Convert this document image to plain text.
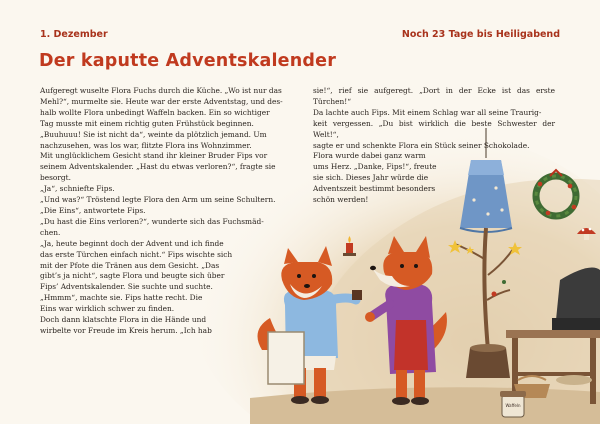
1. Dezember	Noch 23 Tage bis Heiligabend
Der kaputte Adventskalender

Aufgeregt wuselte Flora Fuchs durch die Küche. „Wo ist nur das

Mehl?“, murmelte sie. Heute war der erste Adventstag, und des-

halb wollte Flora unbedingt Waffeln backen. Ein so wichtiger

Tag musste mit einem richtig guten Frühstück beginnen.

„Buuhuuu! Sie ist nicht da“, weinte da plötzlich jemand. Um

nachzusehen, was los war, flitzte Flora ins Wohnzimmer.

Mit unglücklichem Gesicht stand ihr kleiner Bruder Fips vor

seinem Adventskalender. „Hast du etwas verloren?“, fragte sie

besorgt.

„Ja“, schniefte Fips.

„Und was?“ Tröstend legte Flora den Arm um seine Schultern.

„Die Eins“, antwortete Fips.

„Du hast die Eins verloren?“, wunderte sich das Fuchsmäd-

chen.

„Ja, heute beginnt doch der Advent und ich finde

das erste Türchen einfach nicht.“ Fips wischte sich

mit der Pfote die Tränen aus dem Gesicht. „Das

gibt’s ja nicht“, sagte Flora und beugte sich über

Fips’ Adventskalender. Sie suchte und suchte.

„Hmmm“, machte sie. Fips hatte recht. Die

Eins war wirklich schwer zu finden.

Doch dann klatschte Flora in die Hände und

wirbelte vor Freude im Kreis herum. „Ich hab

sie!“, rief sie aufgeregt. „Dort in der Ecke ist das erste Türchen!“

Da lachte auch Fips. Mit einem Schlag war all seine Traurig-

keit vergessen. „Du bist wirklich die beste Schwester der Welt!“,

sagte er und schenkte Flora ein Stück seiner Schokolade.

Flora wurde dabei ganz warm

ums Herz. „Danke, Fips!“, freute

sie sich. Dieses Jahr würde die

Adventszeit bestimmt besonders

schön werden!

Waffeln
